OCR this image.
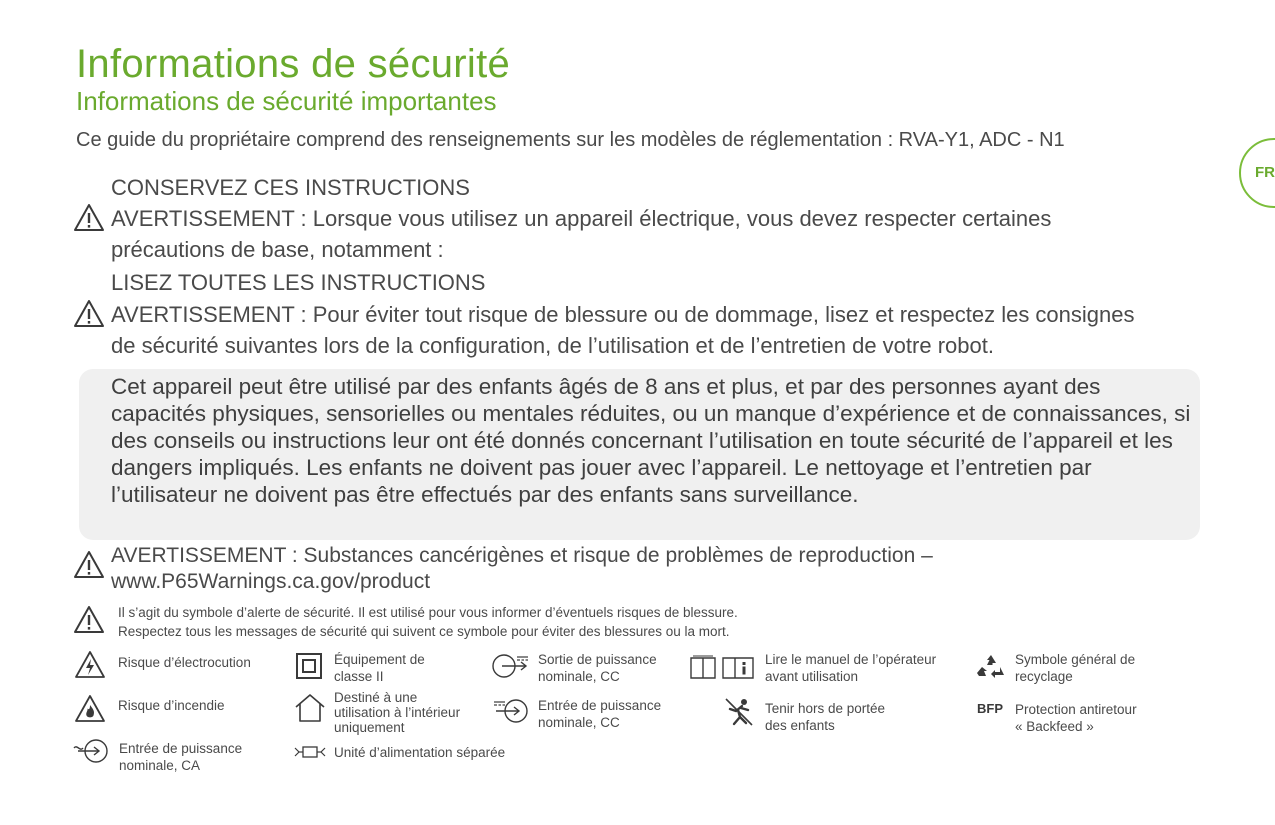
Informations de sécurité
Informations de sécurité importantes
Ce guide du propriétaire comprend des renseignements sur les modèles de réglementation : RVA-Y1, ADC - N1
FR
CONSERVEZ CES INSTRUCTIONS
AVERTISSEMENT : Lorsque vous utilisez un appareil électrique, vous devez respecter certaines
précautions de base, notamment :
LISEZ TOUTES LES INSTRUCTIONS
AVERTISSEMENT : Pour éviter tout risque de blessure ou de dommage, lisez et respectez les consignes
de sécurité suivantes lors de la configuration, de l’utilisation et de l’entretien de votre robot.
Cet appareil peut être utilisé par des enfants âgés de 8 ans et plus, et par des personnes ayant des capacités physiques, sensorielles ou mentales réduites, ou un manque d’expérience et de connaissances, si des conseils ou instructions leur ont été donnés concernant l’utilisation en toute sécurité de l’appareil et les dangers impliqués. Les enfants ne doivent pas jouer avec l’appareil. Le nettoyage et l’entretien par l’utilisateur ne doivent pas être effectués par des enfants sans surveillance.
AVERTISSEMENT : Substances cancérigènes et risque de problèmes de reproduction –
www.P65Warnings.ca.gov/product
Il s’agit du symbole d’alerte de sécurité. Il est utilisé pour vous informer d’éventuels risques de blessure.
Respectez tous les messages de sécurité qui suivent ce symbole pour éviter des blessures ou la mort.
Risque d’électrocution
Risque d’incendie
Entrée de puissance
nominale, CA
Équipement de
classe II
Destiné à une
utilisation à l’intérieur
uniquement
Unité d’alimentation séparée
Sortie de puissance
nominale, CC
Entrée de puissance
nominale, CC
Lire le manuel de l’opérateur
avant utilisation
Tenir hors de portée
des enfants
Symbole général de
recyclage
BFP Protection antiretour
« Backfeed »
